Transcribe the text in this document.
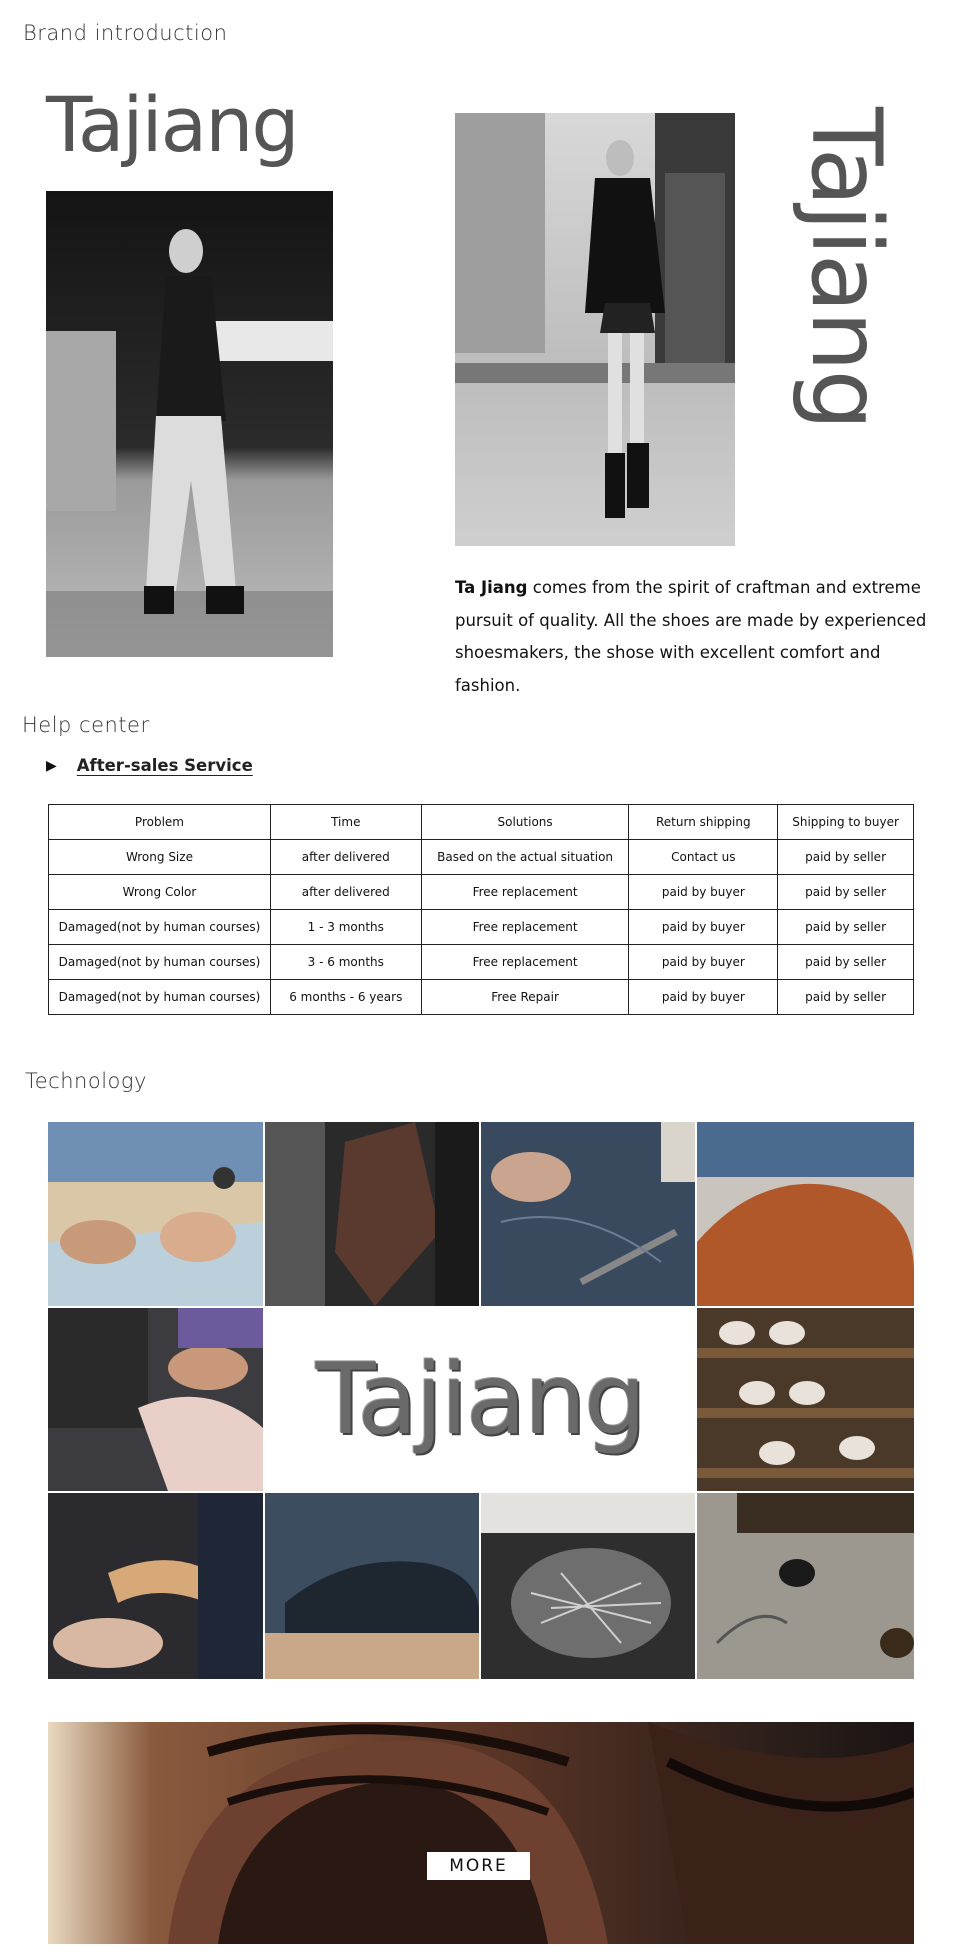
Brand introduction
Tajiang	Tajiang
Ta Jiang comes from the spirit of craftman and extreme pursuit of quality. All the shoes are made by experienced shoesmakers, the shose with excellent comfort and fashion.
Help center
▶ After-sales Service
Problem	Time	Solutions	Return shipping	Shipping to buyer
Wrong Size	after delivered	Based on the actual situation	Contact us	paid by seller
Wrong Color	after delivered	Free replacement	paid by buyer	paid by seller
Damaged(not by human courses)	1 - 3 months	Free replacement	paid by buyer	paid by seller
Damaged(not by human courses)	3 - 6 months	Free replacement	paid by buyer	paid by seller
Damaged(not by human courses)	6 months - 6 years	Free Repair	paid by buyer	paid by seller
Technology
Tajiang
MORE
